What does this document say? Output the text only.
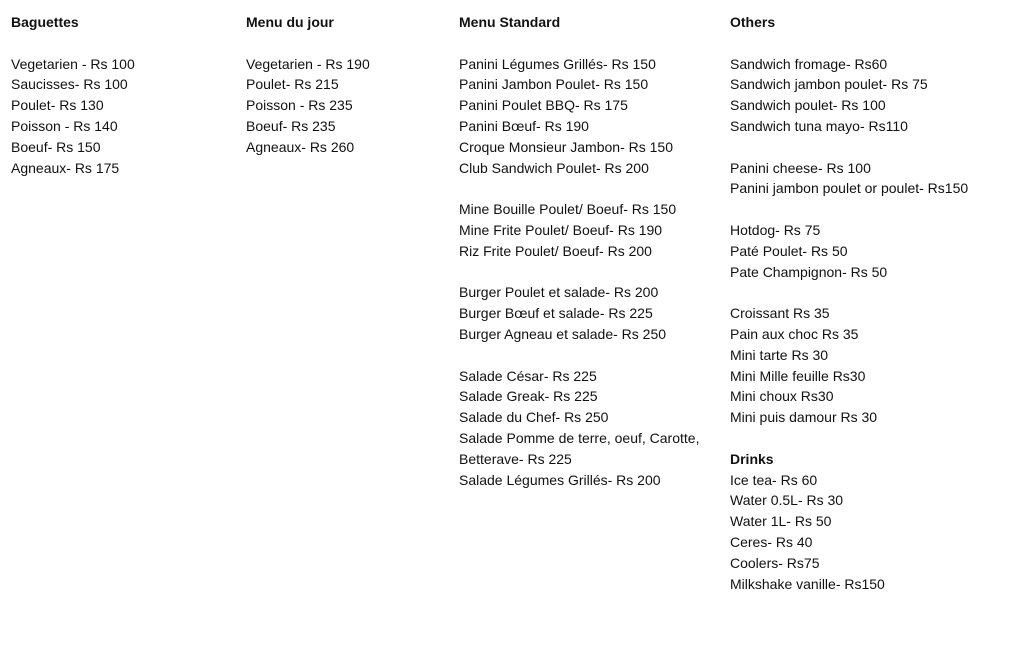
Baguettes
Vegetarien - Rs 100
Saucisses- Rs 100
Poulet- Rs 130
Poisson - Rs 140
Boeuf- Rs 150
Agneaux- Rs 175
Menu du jour
Vegetarien - Rs 190
Poulet- Rs 215
Poisson - Rs 235
Boeuf- Rs 235
Agneaux- Rs 260
Menu Standard
Panini Légumes Grillés- Rs 150
Panini Jambon Poulet- Rs 150
Panini Poulet BBQ- Rs 175
Panini Bœuf- Rs 190
Croque Monsieur Jambon- Rs 150
Club Sandwich Poulet- Rs 200
Mine Bouille Poulet/ Boeuf- Rs 150
Mine Frite Poulet/ Boeuf- Rs 190
Riz Frite Poulet/ Boeuf- Rs 200
Burger Poulet et salade- Rs 200
Burger Bœuf et salade- Rs 225
Burger Agneau et salade- Rs 250
Salade César- Rs 225
Salade Greak- Rs 225
Salade du Chef- Rs 250
Salade Pomme de terre, oeuf, Carotte,
Betterave- Rs 225
Salade Légumes Grillés- Rs 200
Others
Sandwich fromage- Rs60
Sandwich jambon poulet- Rs 75
Sandwich poulet- Rs 100
Sandwich tuna mayo- Rs110
Panini cheese- Rs 100
Panini jambon poulet or poulet- Rs150
Hotdog- Rs 75
Paté Poulet- Rs 50
Pate Champignon- Rs 50
Croissant Rs 35
Pain aux choc Rs 35
Mini tarte Rs 30
Mini Mille feuille Rs30
Mini choux Rs30
Mini puis damour Rs 30
Drinks
Ice tea- Rs 60
Water 0.5L- Rs 30
Water 1L- Rs 50
Ceres- Rs 40
Coolers- Rs75
Milkshake vanille- Rs150
